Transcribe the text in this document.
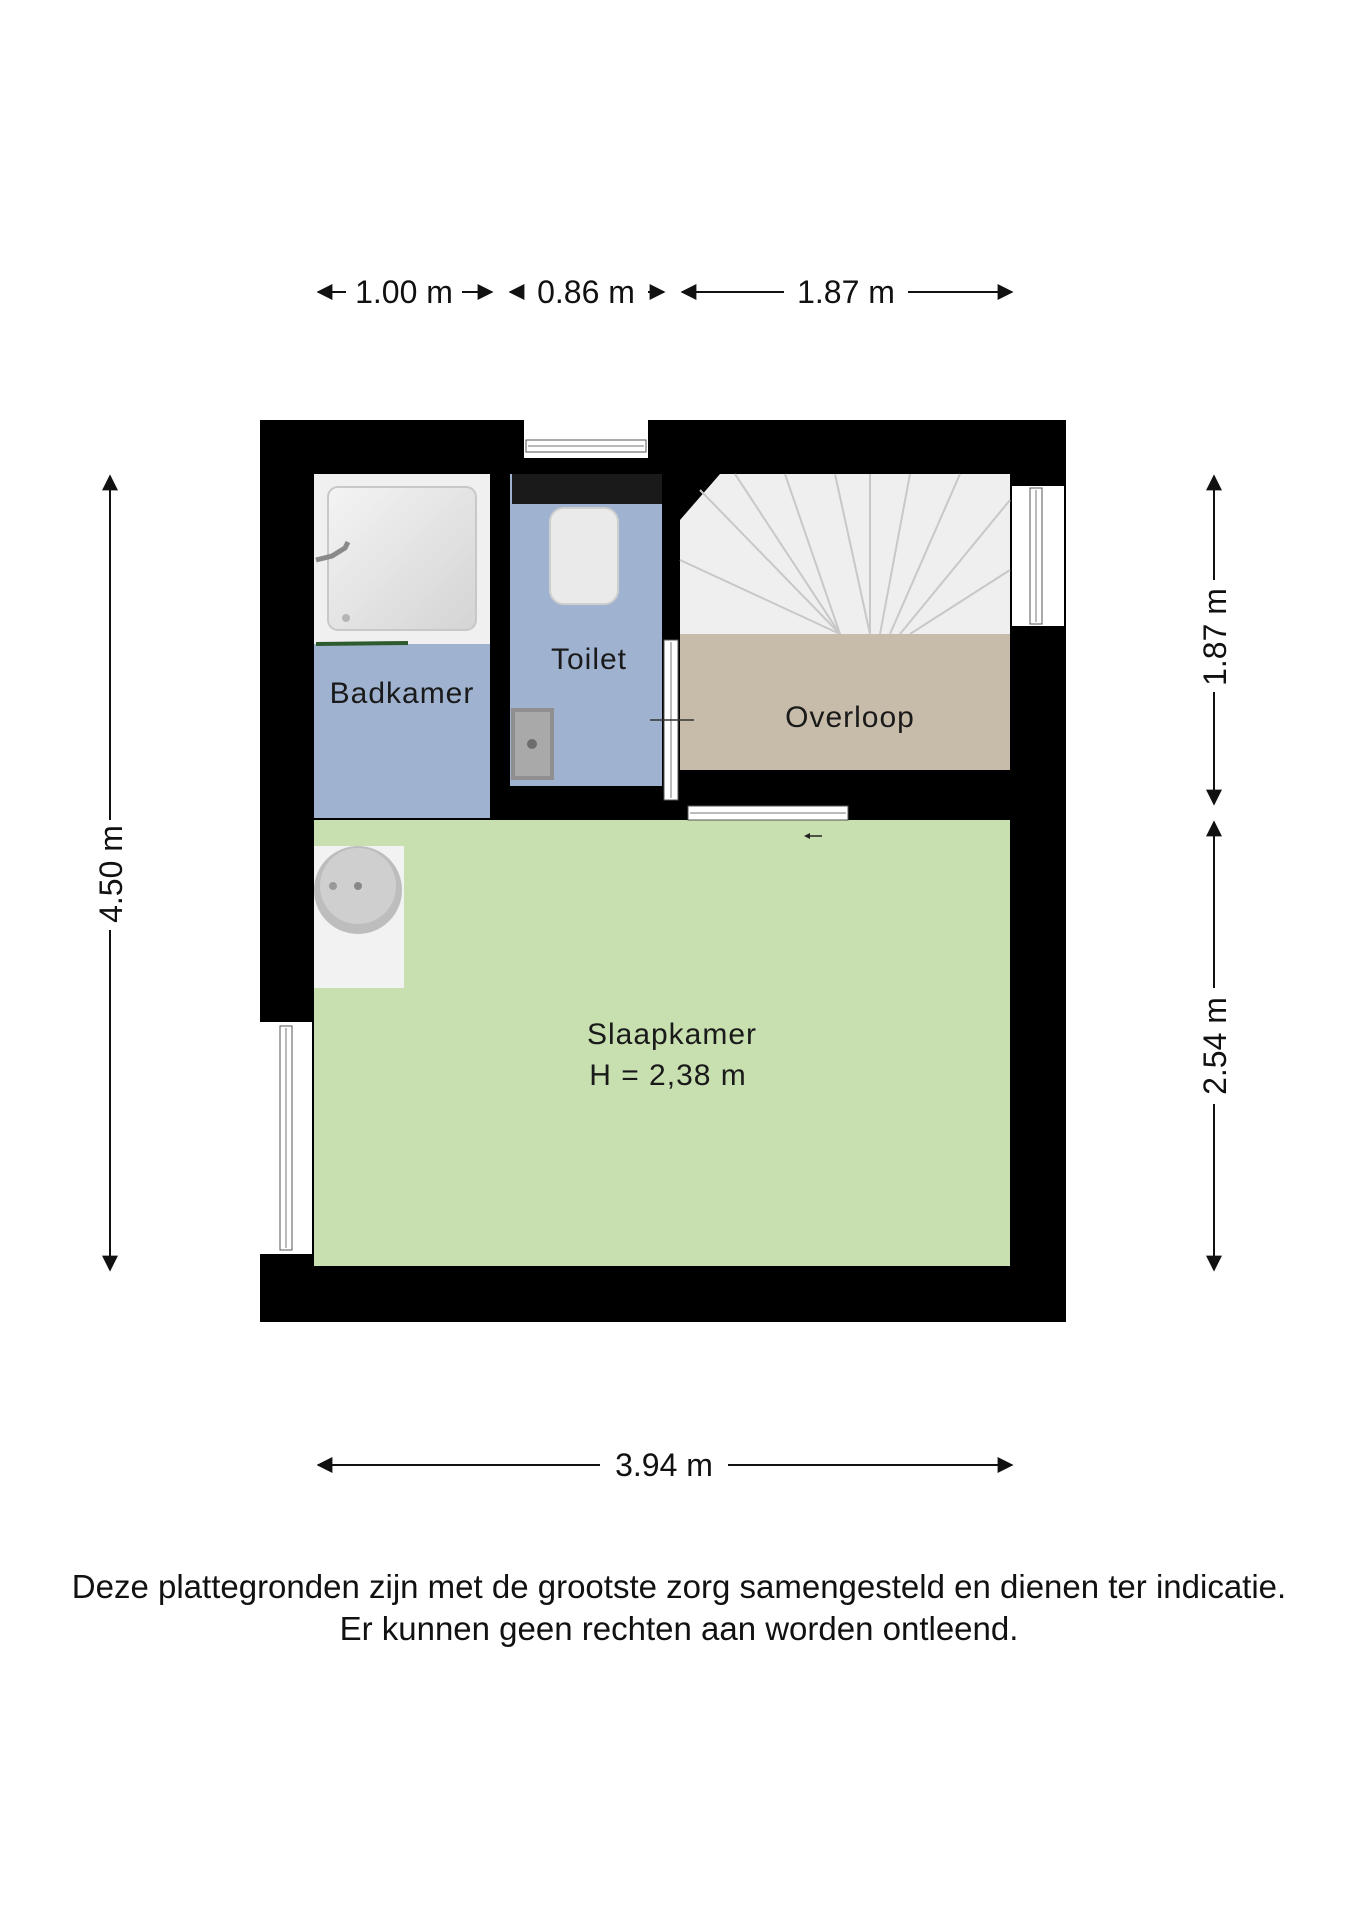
1.00 m	0.86 m	1.87 m
4.50 m
1.87 m
2.54 m
Badkamer
Toilet
Overloop
Slaapkamer
H = 2,38 m
3.94 m

Deze plattegronden zijn met de grootste zorg samengesteld en dienen ter indicatie.

Er kunnen geen rechten aan worden ontleend.
